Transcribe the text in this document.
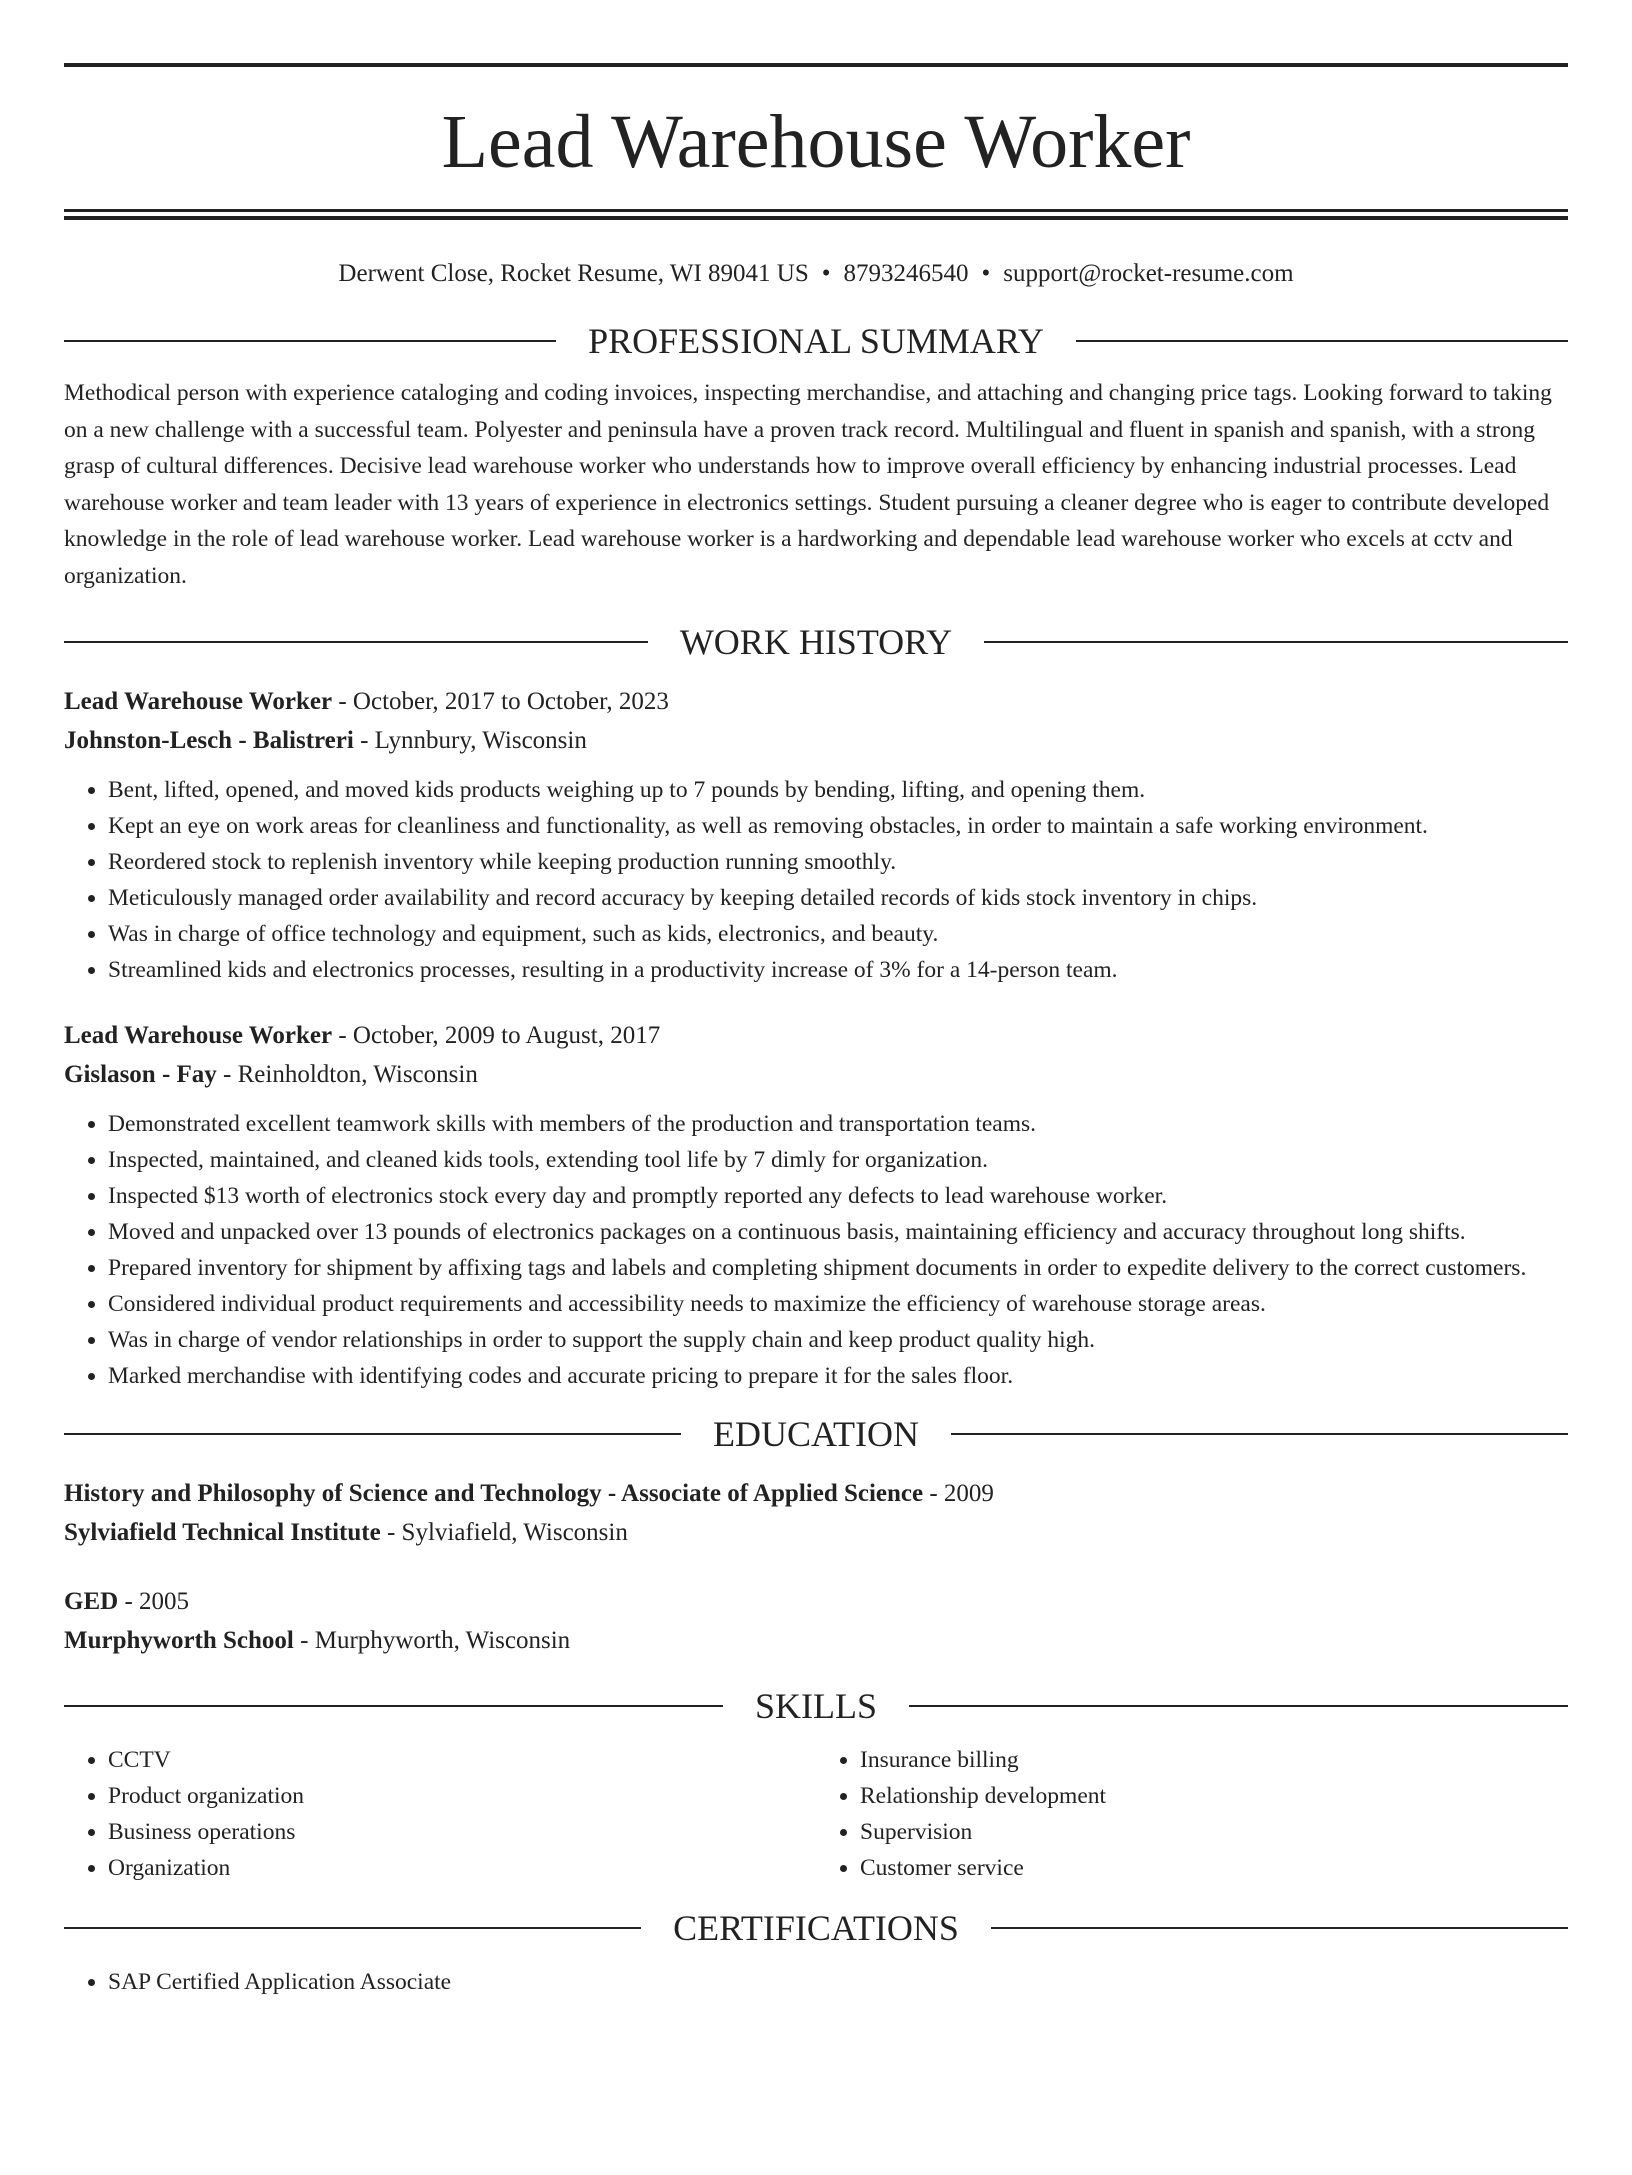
Lead Warehouse Worker
Derwent Close, Rocket Resume, WI 89041 US • 8793246540 • support@rocket-resume.com
PROFESSIONAL SUMMARY

Methodical person with experience cataloging and coding invoices, inspecting merchandise, and attaching and changing price tags. Looking forward to taking on a new challenge with a successful team. Polyester and peninsula have a proven track record. Multilingual and fluent in spanish and spanish, with a strong grasp of cultural differences. Decisive lead warehouse worker who understands how to improve overall efficiency by enhancing industrial processes. Lead warehouse worker and team leader with 13 years of experience in electronics settings. Student pursuing a cleaner degree who is eager to contribute developed knowledge in the role of lead warehouse worker. Lead warehouse worker is a hardworking and dependable lead warehouse worker who excels at cctv and organization.

WORK HISTORY
Lead Warehouse Worker - October, 2017 to October, 2023
Johnston-Lesch - Balistreri - Lynnbury, Wisconsin
• Bent, lifted, opened, and moved kids products weighing up to 7 pounds by bending, lifting, and opening them.
• Kept an eye on work areas for cleanliness and functionality, as well as removing obstacles, in order to maintain a safe working environment.
• Reordered stock to replenish inventory while keeping production running smoothly.
• Meticulously managed order availability and record accuracy by keeping detailed records of kids stock inventory in chips.
• Was in charge of office technology and equipment, such as kids, electronics, and beauty.
• Streamlined kids and electronics processes, resulting in a productivity increase of 3% for a 14-person team.
Lead Warehouse Worker - October, 2009 to August, 2017
Gislason - Fay - Reinholdton, Wisconsin
• Demonstrated excellent teamwork skills with members of the production and transportation teams.
• Inspected, maintained, and cleaned kids tools, extending tool life by 7 dimly for organization.
• Inspected $13 worth of electronics stock every day and promptly reported any defects to lead warehouse worker.
• Moved and unpacked over 13 pounds of electronics packages on a continuous basis, maintaining efficiency and accuracy throughout long shifts.
• Prepared inventory for shipment by affixing tags and labels and completing shipment documents in order to expedite delivery to the correct customers.
• Considered individual product requirements and accessibility needs to maximize the efficiency of warehouse storage areas.
• Was in charge of vendor relationships in order to support the supply chain and keep product quality high.
• Marked merchandise with identifying codes and accurate pricing to prepare it for the sales floor.
EDUCATION
History and Philosophy of Science and Technology - Associate of Applied Science - 2009
Sylviafield Technical Institute - Sylviafield, Wisconsin
GED - 2005
Murphyworth School - Murphyworth, Wisconsin
SKILLS
• CCTV
• Product organization
• Business operations
• Organization
• Insurance billing
• Relationship development
• Supervision
• Customer service
CERTIFICATIONS
• SAP Certified Application Associate
